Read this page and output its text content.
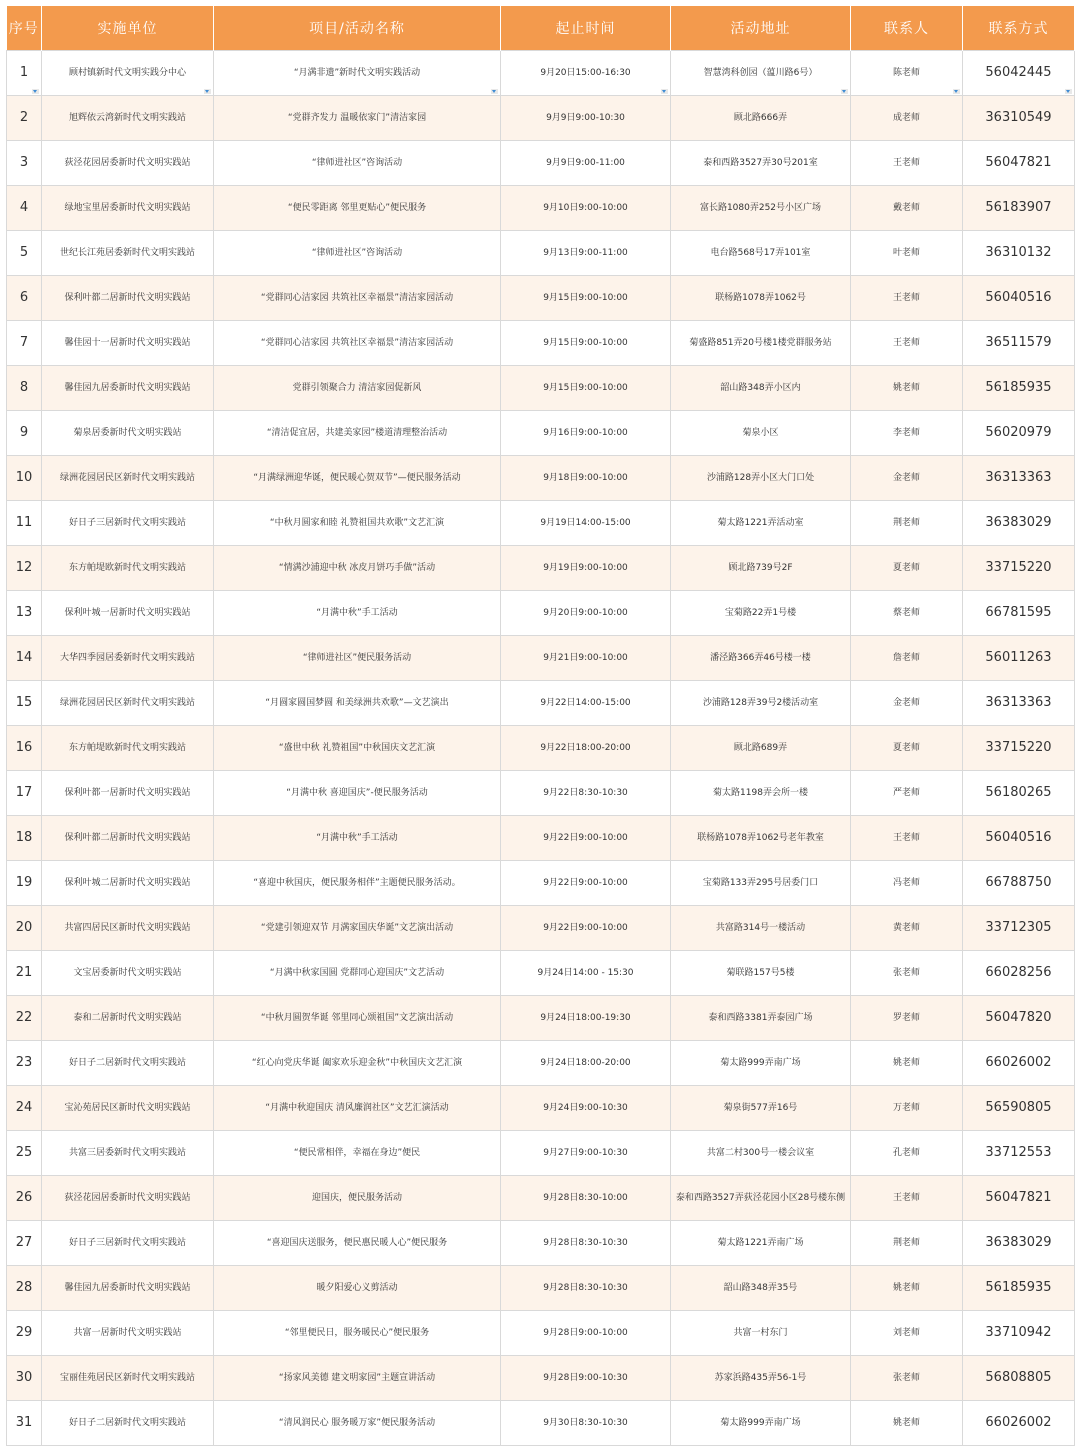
序号	实施单位	项目/活动名称	起止时间	活动地址	联系人	联系方式
1	顾村镇新时代文明实践分中心	“月满非遗”新时代文明实践活动	9月20日15:00-16:30	智慧湾科创园（蕰川路6号）	陈老师	56042445

2	旭辉依云湾新时代文明实践站	“党群齐发力 温暖依家门”清洁家园	9月9日9:00-10:30	顾北路666弄	成老师	36310549
3	荻泾花园居委新时代文明实践站	“律师进社区”咨询活动	9月9日9:00-11:00	泰和西路3527弄30号201室	王老师	56047821
4	绿地宝里居委新时代文明实践站	“便民零距离 邻里更贴心”便民服务	9月10日9:00-10:00	富长路1080弄252号小区广场	戴老师	56183907
5	世纪长江苑居委新时代文明实践站	“律师进社区”咨询活动	9月13日9:00-11:00	电台路568号17弄101室	叶老师	36310132
6	保利叶都二居新时代文明实践站	“党群同心洁家园 共筑社区幸福景”清洁家园活动	9月15日9:00-10:00	联杨路1078弄1062号	王老师	56040516
7	馨佳园十一居新时代文明实践站	“党群同心洁家园 共筑社区幸福景”清洁家园活动	9月15日9:00-10:00	菊盛路851弄20号楼1楼党群服务站	王老师	36511579
8	馨佳园九居委新时代文明实践站	党群引领聚合力 清洁家园促新风	9月15日9:00-10:00	韶山路348弄小区内	姚老师	56185935
9	菊泉居委新时代文明实践站	“清洁促宜居，共建美家园”楼道清理整治活动	9月16日9:00-10:00	菊泉小区	李老师	56020979
10	绿洲花园居民区新时代文明实践站	“月满绿洲迎华诞，便民暖心贺双节”—便民服务活动	9月18日9:00-10:00	沙浦路128弄小区大门口处	金老师	36313363
11	好日子三居新时代文明实践站	“中秋月圆家和睦 礼赞祖国共欢歌”文艺汇演	9月19日14:00-15:00	菊太路1221弄活动室	荆老师	36383029
12	东方帕堤欧新时代文明实践站	“情满沙浦迎中秋 冰皮月饼巧手做”活动	9月19日9:00-10:00	顾北路739号2F	夏老师	33715220
13	保利叶城一居新时代文明实践站	“月满中秋”手工活动	9月20日9:00-10:00	宝菊路22弄1号楼	蔡老师	66781595
14	大华四季园居委新时代文明实践站	“律师进社区”便民服务活动	9月21日9:00-10:00	潘泾路366弄46号楼一楼	詹老师	56011263
15	绿洲花园居民区新时代文明实践站	“月圆家圆国梦圆 和美绿洲共欢歌”—文艺演出	9月22日14:00-15:00	沙浦路128弄39号2楼活动室	金老师	36313363
16	东方帕堤欧新时代文明实践站	“盛世中秋 礼赞祖国”中秋国庆文艺汇演	9月22日18:00-20:00	顾北路689弄	夏老师	33715220
17	保利叶都一居新时代文明实践站	“月满中秋 喜迎国庆”-便民服务活动	9月22日8:30-10:30	菊太路1198弄会所一楼	严老师	56180265
18	保利叶都二居新时代文明实践站	“月满中秋”手工活动	9月22日9:00-10:00	联杨路1078弄1062号老年教室	王老师	56040516
19	保利叶城二居新时代文明实践站	“喜迎中秋国庆，便民服务相伴”主题便民服务活动。	9月22日9:00-10:00	宝菊路133弄295号居委门口	冯老师	66788750
20	共富四居民区新时代文明实践站	“党建引领迎双节 月满家国庆华诞”文艺演出活动	9月22日9:00-10:00	共富路314号一楼活动	黄老师	33712305
21	文宝居委新时代文明实践站	“月满中秋家国圆 党群同心迎国庆”文艺活动	9月24日14:00 - 15:30	菊联路157号5楼	张老师	66028256
22	泰和二居新时代文明实践站	“中秋月圆贺华诞 邻里同心颂祖国”文艺演出活动	9月24日18:00-19:30	泰和西路3381弄泰园广场	罗老师	56047820
23	好日子二居新时代文明实践站	“红心向党庆华诞 阖家欢乐迎金秋”中秋国庆文艺汇演	9月24日18:00-20:00	菊太路999弄南广场	姚老师	66026002
24	宝沁苑居民区新时代文明实践站	“月满中秋迎国庆 清风廉润社区”文艺汇演活动	9月24日9:00-10:30	菊泉街577弄16号	万老师	56590805
25	共富三居委新时代文明实践站	“便民常相伴，幸福在身边”便民	9月27日9:00-10:30	共富二村300号一楼会议室	孔老师	33712553
26	荻泾花园居委新时代文明实践站	迎国庆，便民服务活动	9月28日8:30-10:00	泰和西路3527弄荻泾花园小区28号楼东侧	王老师	56047821
27	好日子三居新时代文明实践站	“喜迎国庆送服务，便民惠民暖人心”便民服务	9月28日8:30-10:30	菊太路1221弄南广场	荆老师	36383029
28	馨佳园九居委新时代文明实践站	暖夕阳爱心义剪活动	9月28日8:30-10:30	韶山路348弄35号	姚老师	56185935
29	共富一居新时代文明实践站	“邻里便民日，服务暖民心”便民服务	9月28日9:00-10:00	共富一村东门	刘老师	33710942
30	宝丽佳苑居民区新时代文明实践站	“扬家风美德 建文明家园”主题宣讲活动	9月28日9:00-10:30	苏家浜路435弄56-1号	张老师	56808805
31	好日子二居新时代文明实践站	“清风润民心 服务暖万家”便民服务活动	9月30日8:30-10:30	菊太路999弄南广场	姚老师	66026002
